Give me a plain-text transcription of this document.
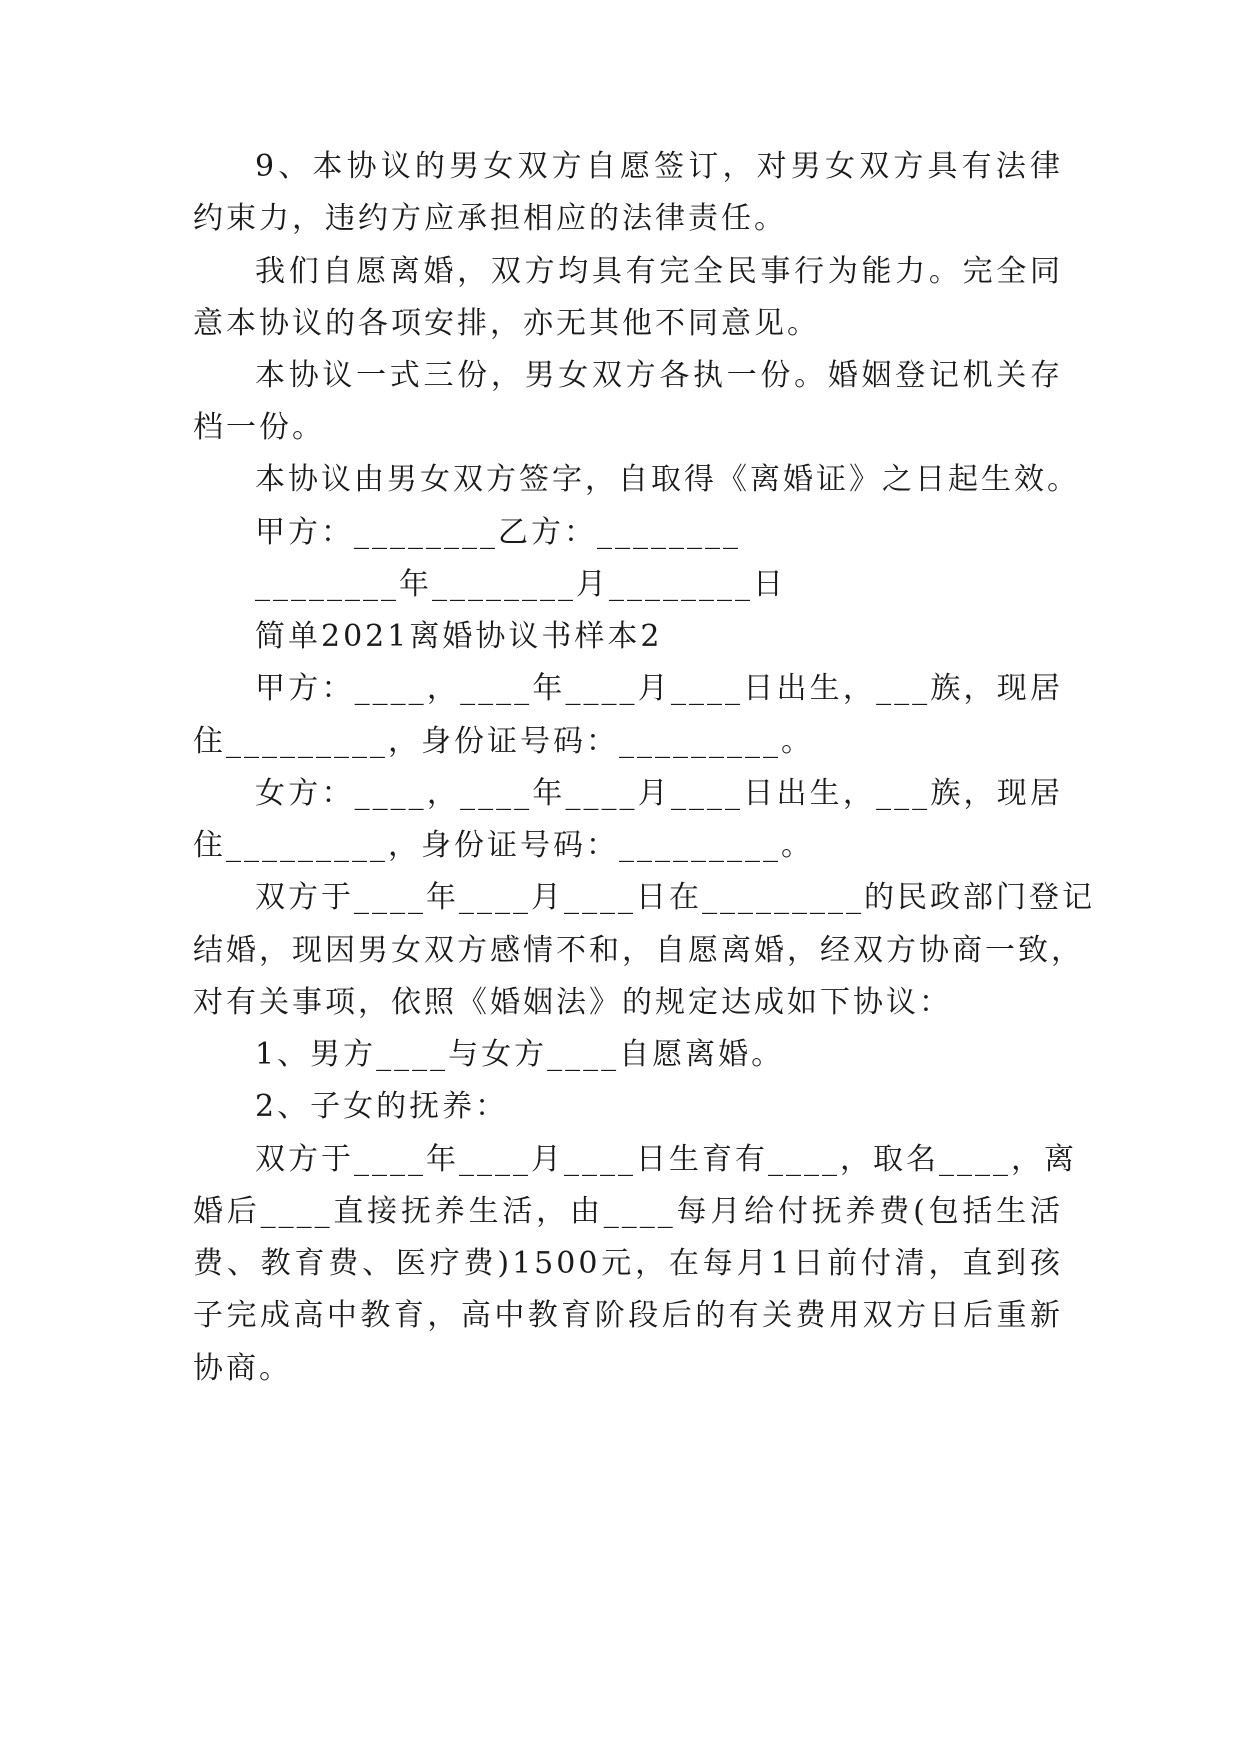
9、本协议的男女双方自愿签订，对男女双方具有法律
约束力，违约方应承担相应的法律责任。
我们自愿离婚，双方均具有完全民事行为能力。完全同
意本协议的各项安排，亦无其他不同意见。
本协议一式三份，男女双方各执一份。婚姻登记机关存
档一份。
本协议由男女双方签字，自取得《离婚证》之日起生效。
甲方：________乙方：________
________年________月________日
简单2021离婚协议书样本2
甲方：____，____年____月____日出生，___族，现居
住_________，身份证号码：_________。
女方：____，____年____月____日出生，___族，现居
住_________，身份证号码：_________。
双方于____年____月____日在_________的民政部门登记
结婚，现因男女双方感情不和，自愿离婚，经双方协商一致，
对有关事项，依照《婚姻法》的规定达成如下协议：
1、男方____与女方____自愿离婚。
2、子女的抚养：
双方于____年____月____日生育有____，取名____，离
婚后____直接抚养生活，由____每月给付抚养费(包括生活
费、教育费、医疗费)1500元，在每月1日前付清，直到孩
子完成高中教育，高中教育阶段后的有关费用双方日后重新
协商。
